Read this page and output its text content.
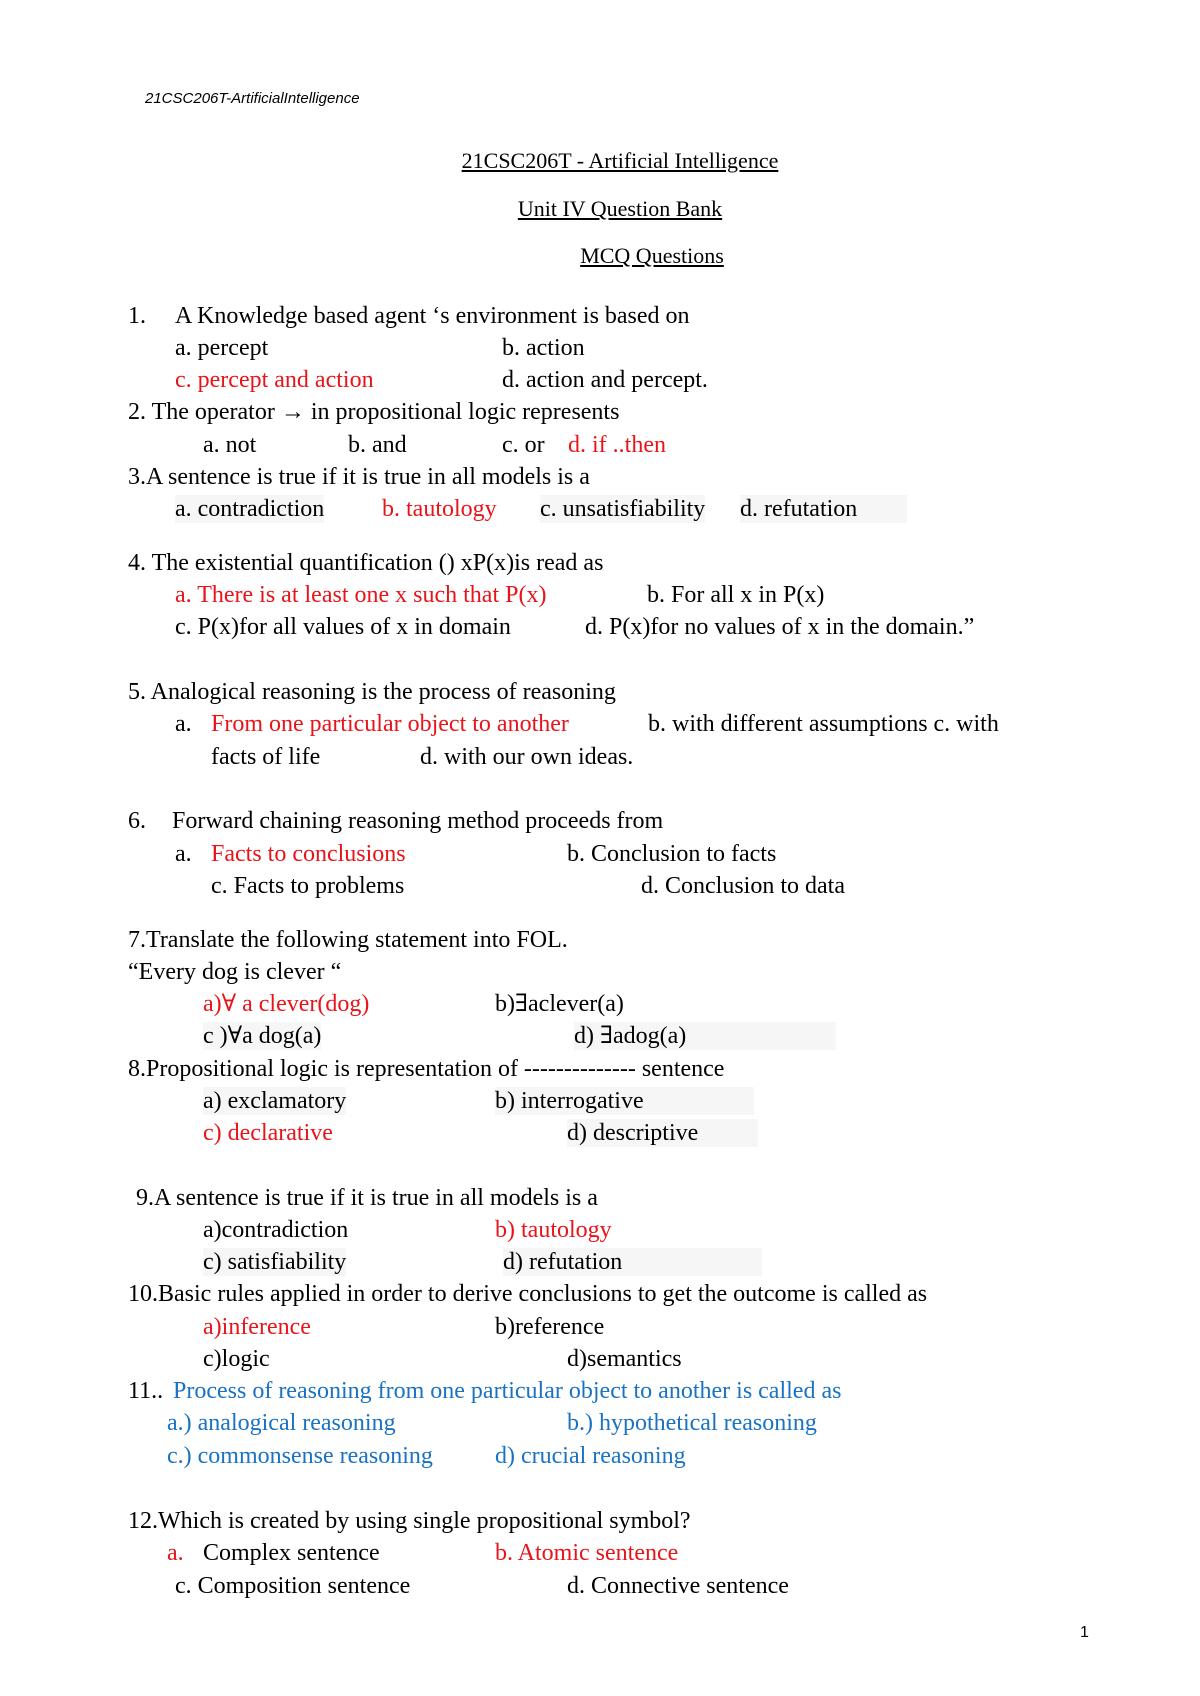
21CSC206T-ArtificialIntelligence
21CSC206T - Artificial Intelligence
Unit IV Question Bank
MCQ Questions
1. A Knowledge based agent ‘s environment is based on
a. percept	b. action
c. percept and action	d. action and percept.
2. The operator → in propositional logic represents
a. not	b. and	c. or d. if ..then
3.A sentence is true if it is true in all models is a
a. contradiction b. tautology c. unsatisfiability d. refutation
4. The existential quantification () xP(x)is read as
a. There is at least one x such that P(x)	b. For all x in P(x)
c. P(x)for all values of x in domain	d. P(x)for no values of x in the domain.”
5. Analogical reasoning is the process of reasoning
a. From one particular object to another	b. with different assumptions c. with
facts of life	d. with our own ideas.
6. Forward chaining reasoning method proceeds from
a. Facts to conclusions	b. Conclusion to facts
c. Facts to problems	d. Conclusion to data
7.Translate the following statement into FOL.
“Every dog is clever “
a)∀ a clever(dog)	b)∃aclever(a)
c )∀a dog(a)	d) ∃adog(a)
8.Propositional logic is representation of -------------- sentence
a) exclamatory	b) interrogative
c) declarative	d) descriptive
9.A sentence is true if it is true in all models is a
a)contradiction	b) tautology
c) satisfiability	d) refutation
10.Basic rules applied in order to derive conclusions to get the outcome is called as
a)inference	b)reference
c)logic	d)semantics
11.. Process of reasoning from one particular object to another is called as
a.) analogical reasoning	b.) hypothetical reasoning
c.) commonsense reasoning	d) crucial reasoning
12.Which is created by using single propositional symbol?
a. Complex sentence	b. Atomic sentence
c. Composition sentence	d. Connective sentence
1
